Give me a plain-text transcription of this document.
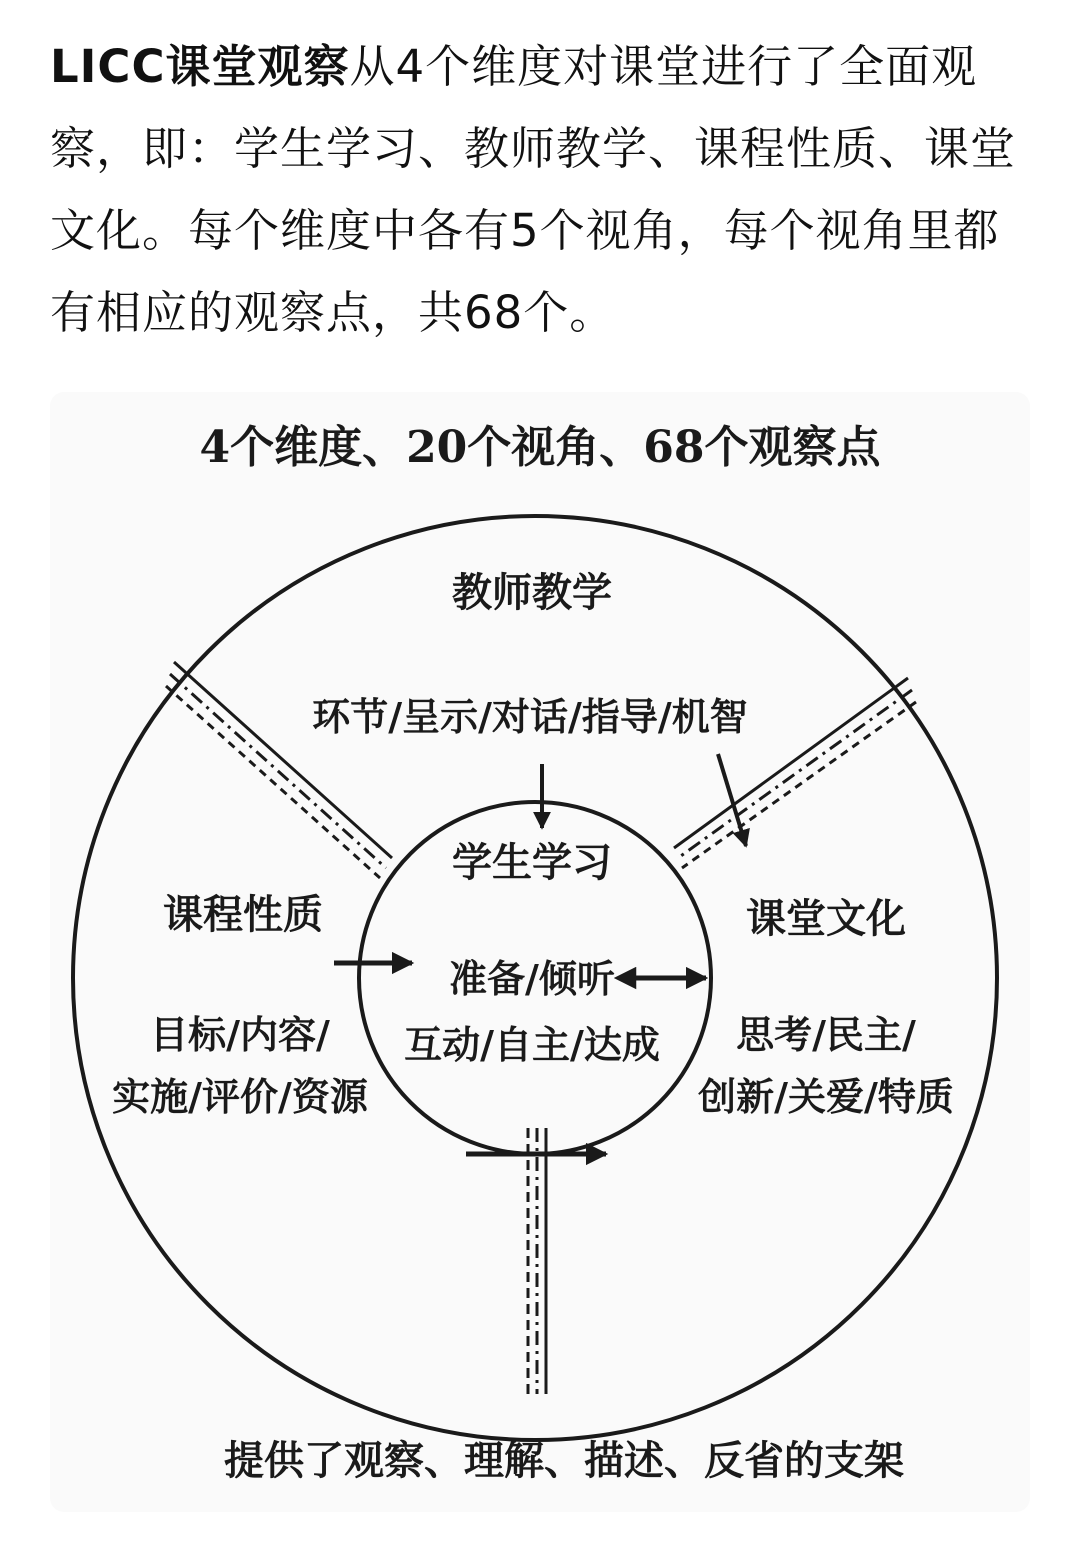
LICC课堂观察从4个维度对课堂进行了全面观察，即：学生学习、教师教学、课程性质、课堂文化。每个维度中各有5个视角，每个视角里都有相应的观察点，共68个。

4个维度、20个视角、68个观察点
教师教学
环节/呈示/对话/指导/机智
学生学习
准备/倾听
互动/自主/达成
课程性质
目标/内容/
实施/评价/资源
课堂文化
思考/民主/
创新/关爱/特质
提供了观察、理解、描述、反省的支架
